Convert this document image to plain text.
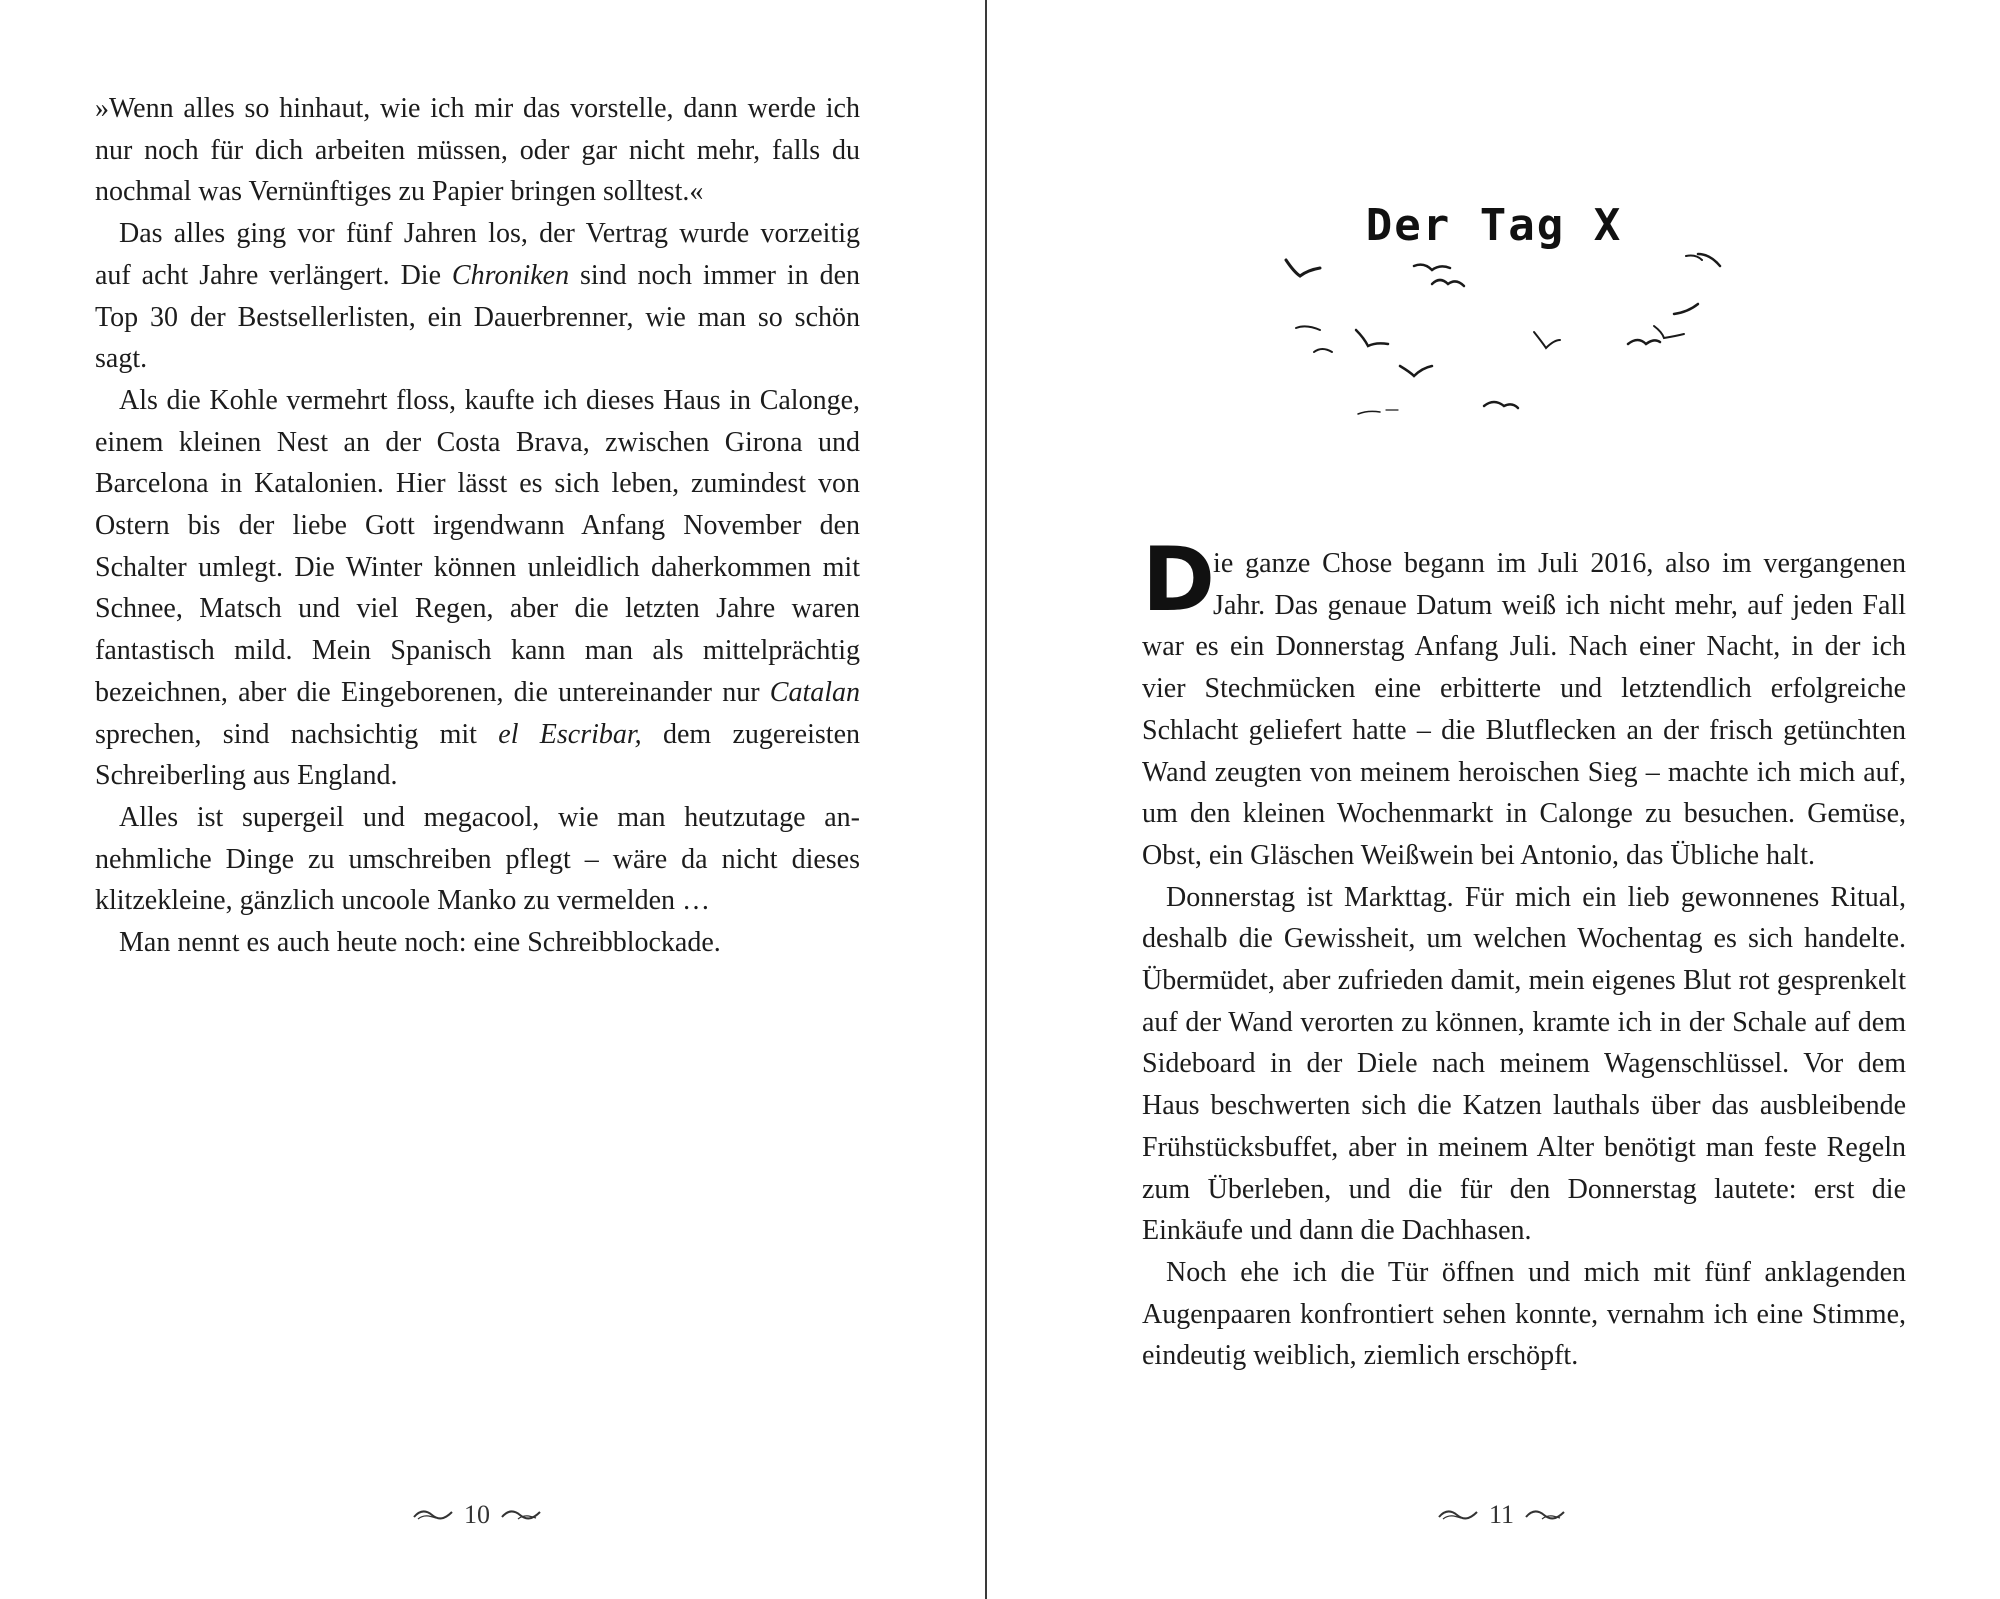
»Wenn alles so hinhaut, wie ich mir das vorstelle, dann werde ich nur noch für dich arbeiten müssen, oder gar nicht mehr, falls du nochmal was Vernünftiges zu Papier bringen solltest.«

Das alles ging vor fünf Jahren los, der Vertrag wurde vorzeitig auf acht Jahre verlängert. Die Chroniken sind noch immer in den Top 30 der Bestsellerlisten, ein Dauerbrenner, wie man so schön sagt.

Als die Kohle vermehrt floss, kaufte ich dieses Haus in Calonge, einem kleinen Nest an der Costa Brava, zwischen Girona und Barcelona in Katalonien. Hier lässt es sich leben, zumindest von Ostern bis der liebe Gott irgendwann Anfang November den Schalter umlegt. Die Winter können unleidlich daherkommen mit Schnee, Matsch und viel Regen, aber die letzten Jahre waren fantastisch mild. Mein Spanisch kann man als mittelprächtig bezeichnen, aber die Eingeborenen, die untereinander nur Catalan sprechen, sind nachsichtig mit el Escribar, dem zugereisten Schreiberling aus England.

Alles ist supergeil und megacool, wie man heutzutage annehmliche Dinge zu umschreiben pflegt – wäre da nicht dieses klitzekleine, gänzlich uncoole Manko zu vermelden …

Man nennt es auch heute noch: eine Schreibblockade.

10
Der Tag X

Die ganze Chose begann im Juli 2016, also im vergangenen Jahr. Das genaue Datum weiß ich nicht mehr, auf jeden Fall war es ein Donnerstag Anfang Juli. Nach einer Nacht, in der ich vier Stechmücken eine erbitterte und letztendlich erfolgreiche Schlacht geliefert hatte – die Blutflecken an der frisch getünchten Wand zeugten von meinem heroischen Sieg – machte ich mich auf, um den kleinen Wochenmarkt in Calonge zu besuchen. Gemüse, Obst, ein Gläschen Weißwein bei Antonio, das Übliche halt.

Donnerstag ist Markttag. Für mich ein lieb gewonnenes Ritual, deshalb die Gewissheit, um welchen Wochentag es sich handelte. Übermüdet, aber zufrieden damit, mein eigenes Blut rot gesprenkelt auf der Wand verorten zu können, kramte ich in der Schale auf dem Sideboard in der Diele nach meinem Wagenschlüssel. Vor dem Haus beschwerten sich die Katzen lauthals über das ausbleibende Frühstücksbuffet, aber in meinem Alter benötigt man feste Regeln zum Überleben, und die für den Donnerstag lautete: erst die Einkäufe und dann die Dachhasen.

Noch ehe ich die Tür öffnen und mich mit fünf anklagenden Augenpaaren konfrontiert sehen konnte, vernahm ich eine Stimme, eindeutig weiblich, ziemlich erschöpft.

11
